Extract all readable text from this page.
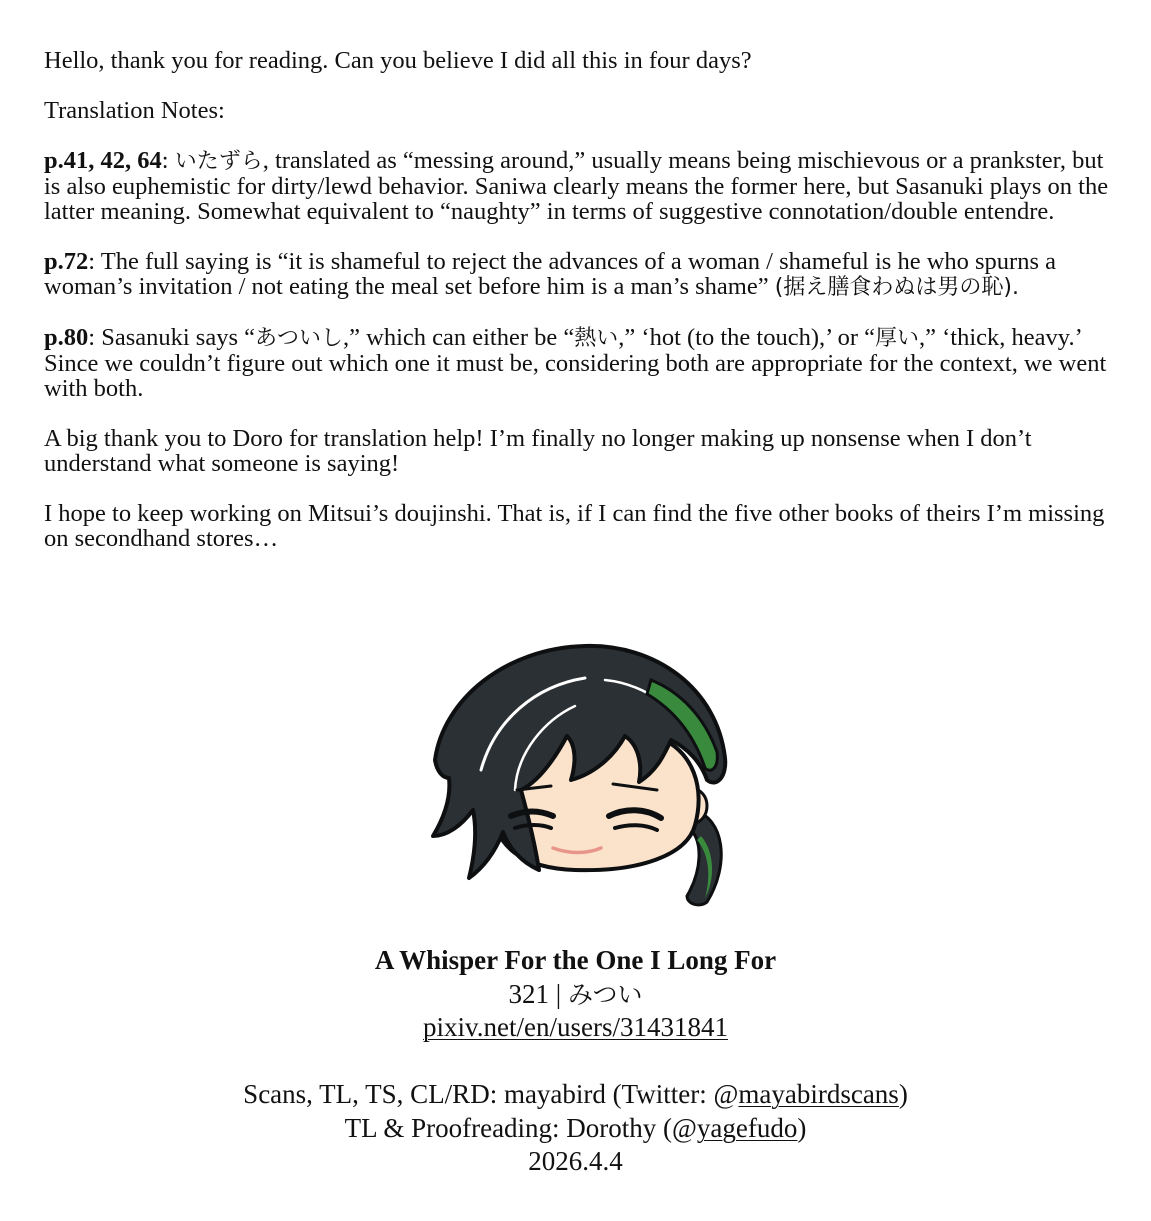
Hello, thank you for reading. Can you believe I did all this in four days?

Translation Notes:

p.41, 42, 64: いたずら, translated as “messing around,” usually means being mischievous or a prankster, but is also euphemistic for dirty/lewd behavior. Saniwa clearly means the former here, but Sasanuki plays on the latter meaning. Somewhat equivalent to “naughty” in terms of suggestive connotation/double entendre.

p.72: The full saying is “it is shameful to reject the advances of a woman / shameful is he who spurns a woman’s invitation / not eating the meal set before him is a man’s shame” (据え膳食わぬは男の恥).

p.80: Sasanuki says “あついし,” which can either be “熱い,” ‘hot (to the touch),’ or “厚い,” ‘thick, heavy.’ Since we couldn’t figure out which one it must be, considering both are appropriate for the context, we went with both.

A big thank you to Doro for translation help! I’m finally no longer making up nonsense when I don’t understand what someone is saying!

I hope to keep working on Mitsui’s doujinshi. That is, if I can find the five other books of theirs I’m missing on secondhand stores…

A Whisper For the One I Long For
321 | みつい
pixiv.net/en/users/31431841
Scans, TL, TS, CL/RD: mayabird (Twitter: @mayabirdscans)
TL & Proofreading: Dorothy (@yagefudo)
2026.4.4
